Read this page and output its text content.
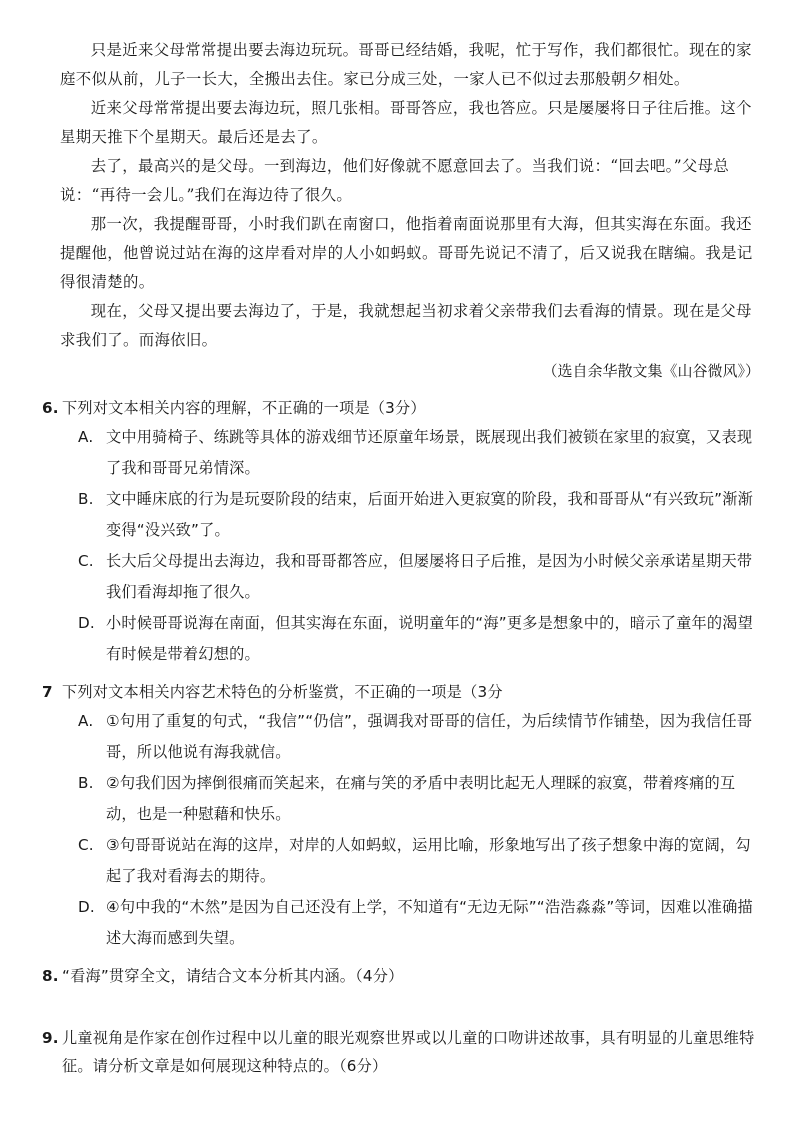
只是近来父母常常提出要去海边玩玩。哥哥已经结婚，我呢，忙于写作，我们都很忙。现在的家庭不似从前，儿子一长大，全搬出去住。家已分成三处，一家人已不似过去那般朝夕相处。

近来父母常常提出要去海边玩，照几张相。哥哥答应，我也答应。只是屡屡将日子往后推。这个星期天推下个星期天。最后还是去了。

去了，最高兴的是父母。一到海边，他们好像就不愿意回去了。当我们说：“回去吧。”父母总说：“再待一会儿。”我们在海边待了很久。

那一次，我提醒哥哥，小时我们趴在南窗口，他指着南面说那里有大海，但其实海在东面。我还提醒他，他曾说过站在海的这岸看对岸的人小如蚂蚁。哥哥先说记不清了，后又说我在瞎编。我是记得很清楚的。

现在，父母又提出要去海边了，于是，我就想起当初求着父亲带我们去看海的情景。现在是父母求我们了。而海依旧。

（选自余华散文集《山谷微风》）
6. 下列对文本相关内容的理解，不正确的一项是（3分）
A. 文中用骑椅子、练跳等具体的游戏细节还原童年场景，既展现出我们被锁在家里的寂寞，又表现了我和哥哥兄弟情深。
B. 文中睡床底的行为是玩耍阶段的结束，后面开始进入更寂寞的阶段，我和哥哥从“有兴致玩”渐渐变得“没兴致”了。
C. 长大后父母提出去海边，我和哥哥都答应，但屡屡将日子后推，是因为小时候父亲承诺星期天带我们看海却拖了很久。
D. 小时候哥哥说海在南面，但其实海在东面，说明童年的“海”更多是想象中的，暗示了童年的渴望有时候是带着幻想的。
7 下列对文本相关内容艺术特色的分析鉴赏，不正确的一项是（3分
A. ①句用了重复的句式，“我信”“仍信”，强调我对哥哥的信任，为后续情节作铺垫，因为我信任哥哥，所以他说有海我就信。
B. ②句我们因为摔倒很痛而笑起来，在痛与笑的矛盾中表明比起无人理睬的寂寞，带着疼痛的互动，也是一种慰藉和快乐。
C. ③句哥哥说站在海的这岸，对岸的人如蚂蚁，运用比喻，形象地写出了孩子想象中海的宽阔，勾起了我对看海去的期待。
D. ④句中我的“木然”是因为自己还没有上学，不知道有“无边无际”“浩浩淼淼”等词，因难以准确描述大海而感到失望。
8. “看海”贯穿全文，请结合文本分析其内涵。（4分）
9. 儿童视角是作家在创作过程中以儿童的眼光观察世界或以儿童的口吻讲述故事，具有明显的儿童思维特征。请分析文章是如何展现这种特点的。（6分）
